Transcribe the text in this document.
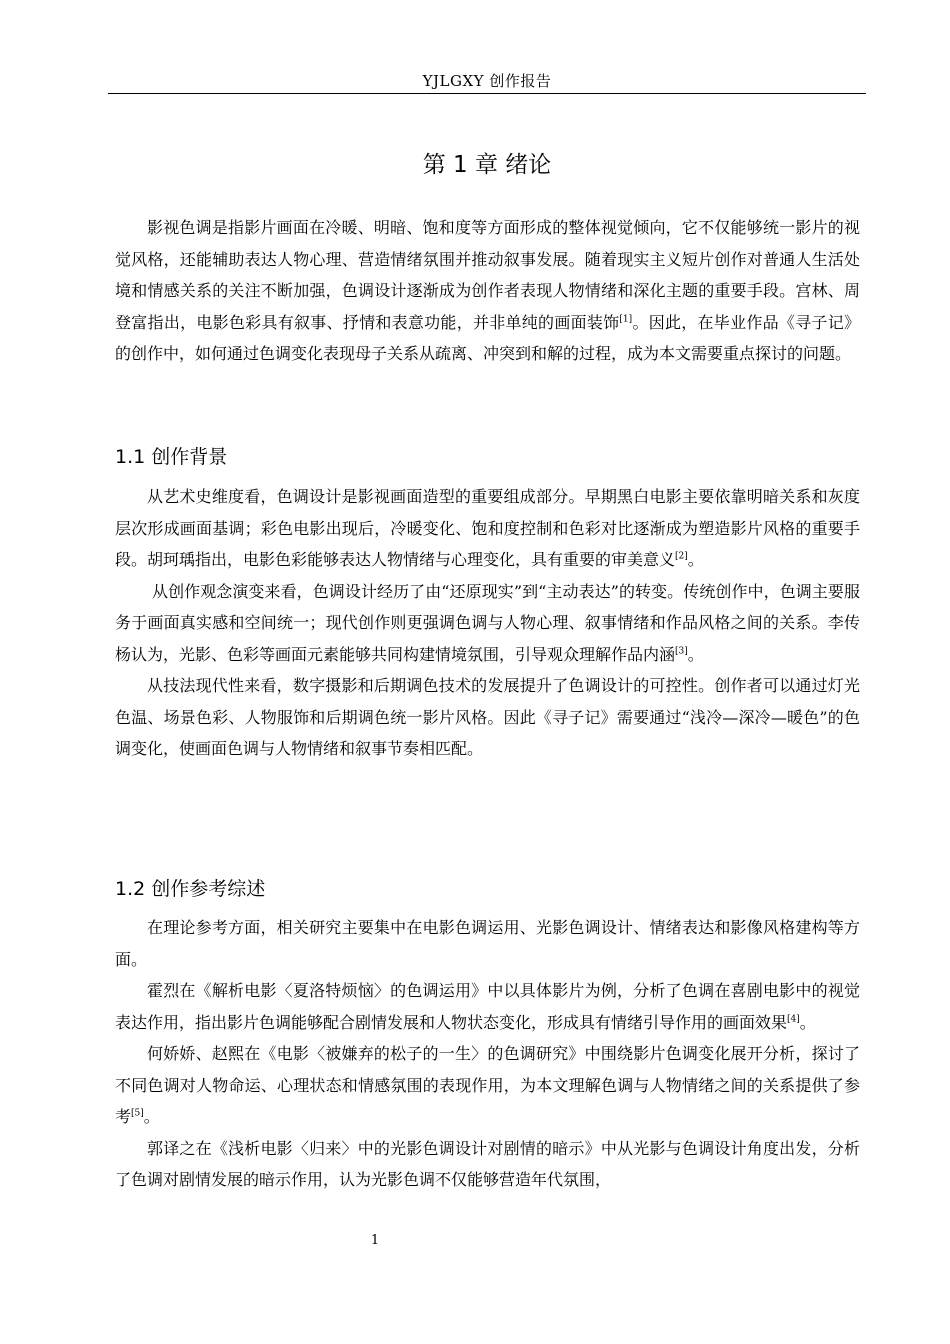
YJLGXY 创作报告
第 1 章 绪论

影视色调是指影片画面在冷暖、明暗、饱和度等方面形成的整体视觉倾向，它不仅能够统一影片的视觉风格，还能辅助表达人物心理、营造情绪氛围并推动叙事发展。随着现实主义短片创作对普通人生活处境和情感关系的关注不断加强，色调设计逐渐成为创作者表现人物情绪和深化主题的重要手段。宫林、周登富指出，电影色彩具有叙事、抒情和表意功能，并非单纯的画面装饰[1]。因此，在毕业作品《寻子记》的创作中，如何通过色调变化表现母子关系从疏离、冲突到和解的过程，成为本文需要重点探讨的问题。

1.1 创作背景

从艺术史维度看，色调设计是影视画面造型的重要组成部分。早期黑白电影主要依靠明暗关系和灰度层次形成画面基调；彩色电影出现后，冷暖变化、饱和度控制和色彩对比逐渐成为塑造影片风格的重要手段。胡珂瑀指出，电影色彩能够表达人物情绪与心理变化，具有重要的审美意义[2]。

从创作观念演变来看，色调设计经历了由“还原现实”到“主动表达”的转变。传统创作中，色调主要服务于画面真实感和空间统一；现代创作则更强调色调与人物心理、叙事情绪和作品风格之间的关系。李传杨认为，光影、色彩等画面元素能够共同构建情境氛围，引导观众理解作品内涵[3]。

从技法现代性来看，数字摄影和后期调色技术的发展提升了色调设计的可控性。创作者可以通过灯光色温、场景色彩、人物服饰和后期调色统一影片风格。因此《寻子记》需要通过“浅冷—深冷—暖色”的色调变化，使画面色调与人物情绪和叙事节奏相匹配。

1.2 创作参考综述

在理论参考方面，相关研究主要集中在电影色调运用、光影色调设计、情绪表达和影像风格建构等方面。

霍烈在《解析电影〈夏洛特烦恼〉的色调运用》中以具体影片为例，分析了色调在喜剧电影中的视觉表达作用，指出影片色调能够配合剧情发展和人物状态变化，形成具有情绪引导作用的画面效果[4]。

何娇娇、赵熙在《电影〈被嫌弃的松子的一生〉的色调研究》中围绕影片色调变化展开分析，探讨了不同色调对人物命运、心理状态和情感氛围的表现作用，为本文理解色调与人物情绪之间的关系提供了参考[5]。

郭译之在《浅析电影〈归来〉中的光影色调设计对剧情的暗示》中从光影与色调设计角度出发，分析了色调对剧情发展的暗示作用，认为光影色调不仅能够营造年代氛围，

1
